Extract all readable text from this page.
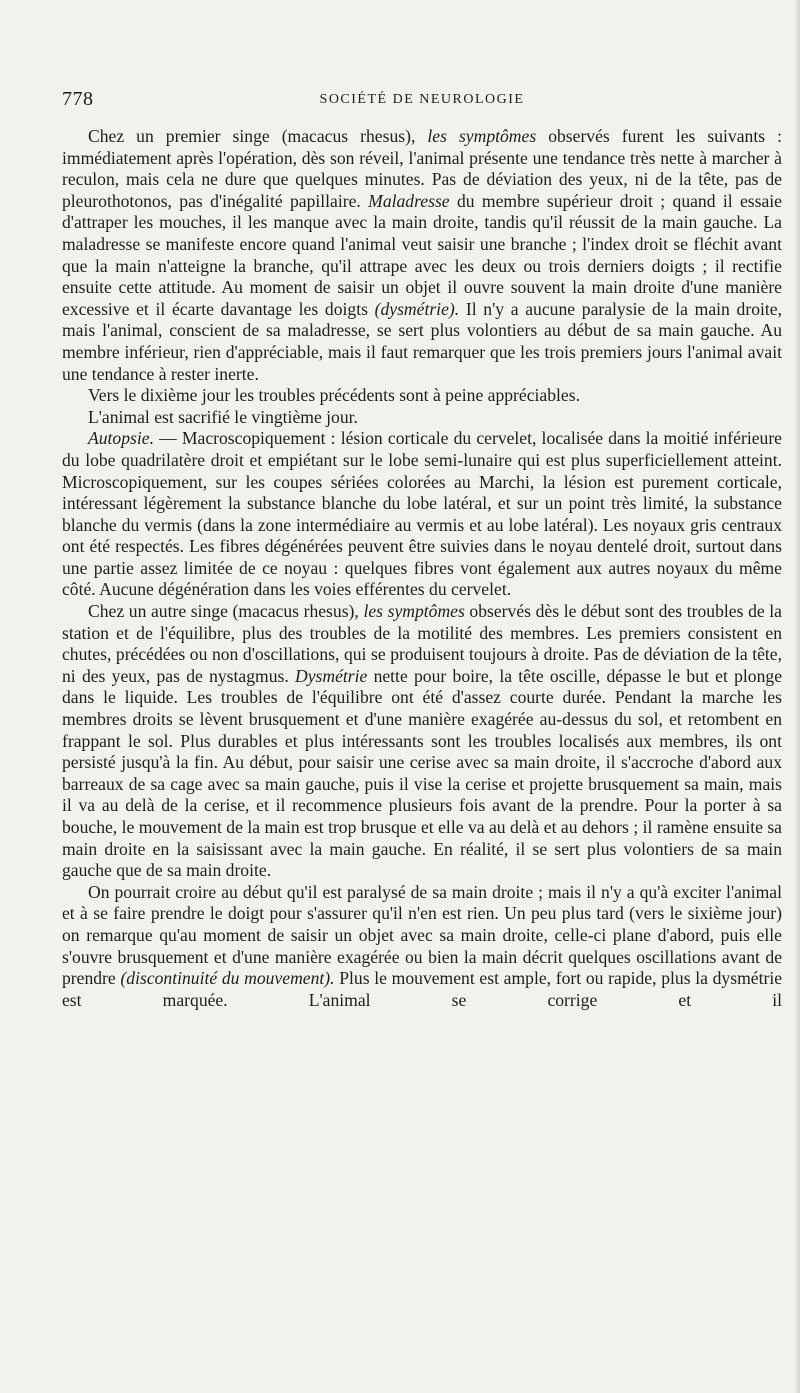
778	SOCIÉTÉ DE NEUROLOGIE

Chez un premier singe (macacus rhesus), les symptômes observés furent les suivants : immédiatement après l'opération, dès son réveil, l'animal présente une tendance très nette à marcher à reculon, mais cela ne dure que quelques minutes. Pas de déviation des yeux, ni de la tête, pas de pleurothotonos, pas d'inégalité papillaire. Maladresse du membre supérieur droit ; quand il essaie d'attraper les mouches, il les manque avec la main droite, tandis qu'il réussit de la main gauche. La maladresse se manifeste encore quand l'animal veut saisir une branche ; l'index droit se fléchit avant que la main n'atteigne la branche, qu'il attrape avec les deux ou trois derniers doigts ; il rectifie ensuite cette attitude. Au moment de saisir un objet il ouvre souvent la main droite d'une manière excessive et il écarte davantage les doigts (dysmétrie). Il n'y a aucune paralysie de la main droite, mais l'animal, conscient de sa maladresse, se sert plus volontiers au début de sa main gauche. Au membre inférieur, rien d'appréciable, mais il faut remarquer que les trois premiers jours l'animal avait une tendance à rester inerte.

Vers le dixième jour les troubles précédents sont à peine appréciables.

L'animal est sacrifié le vingtième jour.

Autopsie. — Macroscopiquement : lésion corticale du cervelet, localisée dans la moitié inférieure du lobe quadrilatère droit et empiétant sur le lobe semi-lunaire qui est plus superficiellement atteint. Microscopiquement, sur les coupes sériées colorées au Marchi, la lésion est purement corticale, intéressant légèrement la substance blanche du lobe latéral, et sur un point très limité, la substance blanche du vermis (dans la zone intermédiaire au vermis et au lobe latéral). Les noyaux gris centraux ont été respectés. Les fibres dégénérées peuvent être suivies dans le noyau dentelé droit, surtout dans une partie assez limitée de ce noyau : quelques fibres vont également aux autres noyaux du même côté. Aucune dégénération dans les voies efférentes du cervelet.

Chez un autre singe (macacus rhesus), les symptômes observés dès le début sont des troubles de la station et de l'équilibre, plus des troubles de la motilité des membres. Les premiers consistent en chutes, précédées ou non d'oscillations, qui se produisent toujours à droite. Pas de déviation de la tête, ni des yeux, pas de nystagmus. Dysmétrie nette pour boire, la tête oscille, dépasse le but et plonge dans le liquide. Les troubles de l'équilibre ont été d'assez courte durée. Pendant la marche les membres droits se lèvent brusquement et d'une manière exagérée au-dessus du sol, et retombent en frappant le sol. Plus durables et plus intéressants sont les troubles localisés aux membres, ils ont persisté jusqu'à la fin. Au début, pour saisir une cerise avec sa main droite, il s'accroche d'abord aux barreaux de sa cage avec sa main gauche, puis il vise la cerise et projette brusquement sa main, mais il va au delà de la cerise, et il recommence plusieurs fois avant de la prendre. Pour la porter à sa bouche, le mouvement de la main est trop brusque et elle va au delà et au dehors ; il ramène ensuite sa main droite en la saisissant avec la main gauche. En réalité, il se sert plus volontiers de sa main gauche que de sa main droite.

On pourrait croire au début qu'il est paralysé de sa main droite ; mais il n'y a qu'à exciter l'animal et à se faire prendre le doigt pour s'assurer qu'il n'en est rien. Un peu plus tard (vers le sixième jour) on remarque qu'au moment de saisir un objet avec sa main droite, celle-ci plane d'abord, puis elle s'ouvre brusquement et d'une manière exagérée ou bien la main décrit quelques oscillations avant de prendre (discontinuité du mouvement). Plus le mouvement est ample, fort ou rapide, plus la dysmétrie est marquée. L'animal se corrige et il
